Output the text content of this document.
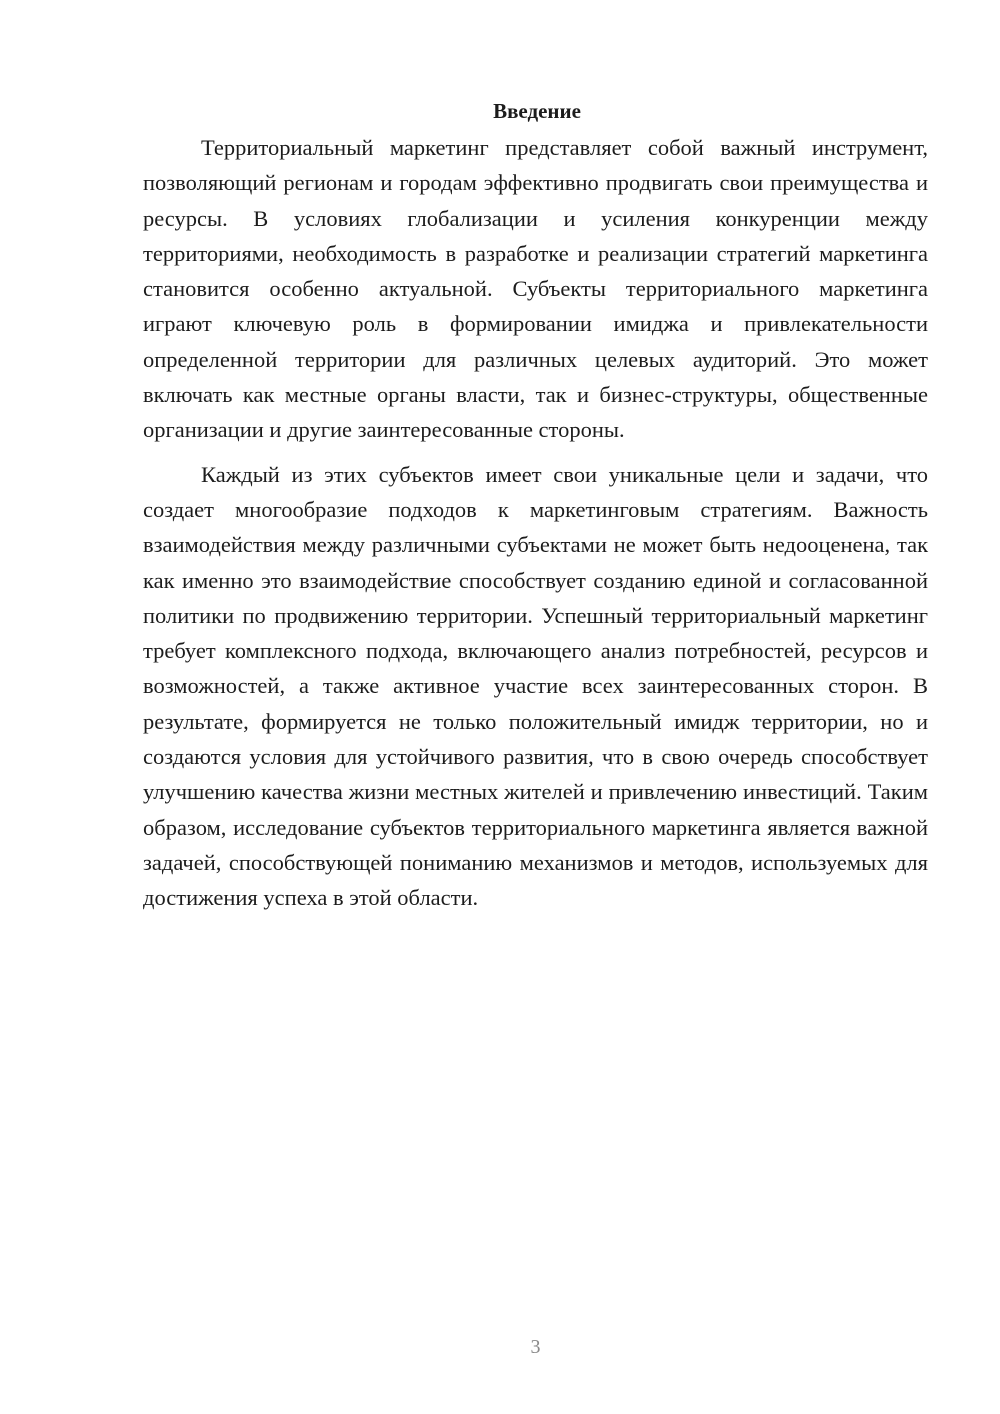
Введение

Территориальный маркетинг представляет собой важный инструмент, позволяющий регионам и городам эффективно продвигать свои преимущества и ресурсы. В условиях глобализации и усиления конкуренции между территориями, необходимость в разработке и реализации стратегий маркетинга становится особенно актуальной. Субъекты территориального маркетинга играют ключевую роль в формировании имиджа и привлекательности определенной территории для различных целевых аудиторий. Это может включать как местные органы власти, так и бизнес-структуры, общественные организации и другие заинтересованные стороны.

Каждый из этих субъектов имеет свои уникальные цели и задачи, что создает многообразие подходов к маркетинговым стратегиям. Важность взаимодействия между различными субъектами не может быть недооценена, так как именно это взаимодействие способствует созданию единой и согласованной политики по продвижению территории. Успешный территориальный маркетинг требует комплексного подхода, включающего анализ потребностей, ресурсов и возможностей, а также активное участие всех заинтересованных сторон. В результате, формируется не только положительный имидж территории, но и создаются условия для устойчивого развития, что в свою очередь способствует улучшению качества жизни местных жителей и привлечению инвестиций. Таким образом, исследование субъектов территориального маркетинга является важной задачей, способствующей пониманию механизмов и методов, используемых для достижения успеха в этой области.

3
